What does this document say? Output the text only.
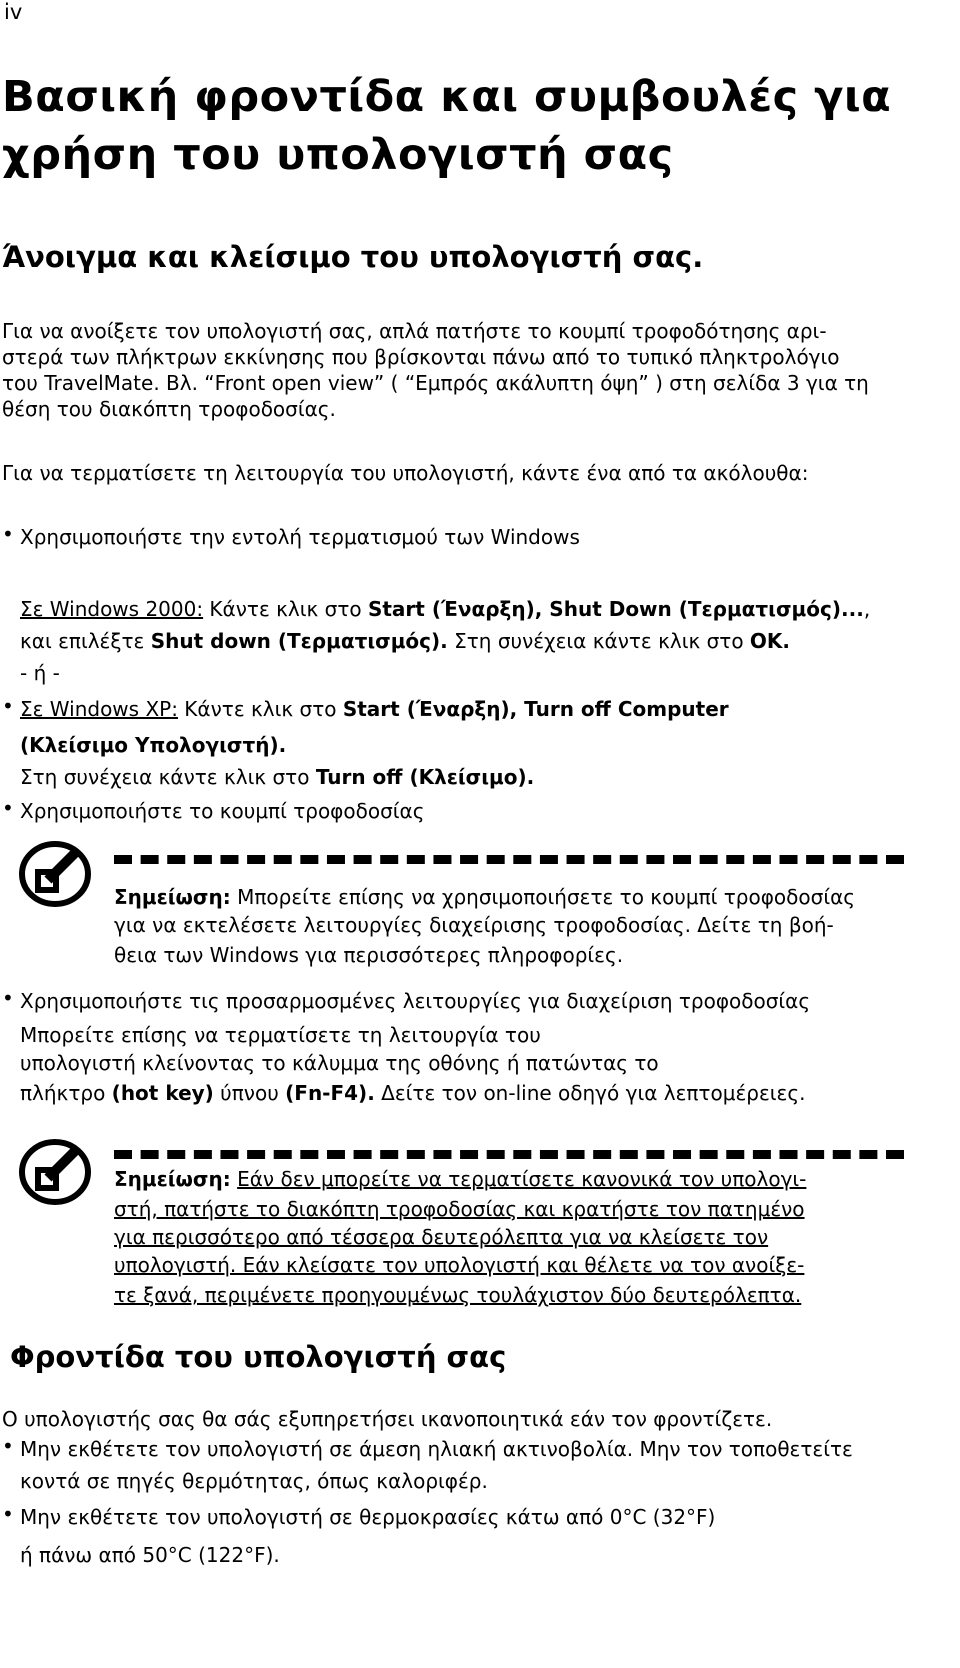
iv
Βασική φροντίδα και συμβουλές για
χρήση του υπολογιστή σας
Άνοιγμα και κλείσιμο του υπολογιστή σας.
Για να ανοίξετε τον υπολογιστή σας, απλά πατήστε το κουμπί τροφοδότησης αρι-
στερά των πλήκτρων εκκίνησης που βρίσκονται πάνω από το τυπικό πληκτρολόγιο
του TravelMate. Βλ. “Front open view” ( “Εμπρός ακάλυπτη όψη” ) στη σελίδα 3 για τη
θέση του διακόπτη τροφοδοσίας.
Για να τερματίσετε τη λειτουργία του υπολογιστή, κάντε ένα από τα ακόλουθα:
• Χρησιμοποιήστε την εντολή τερματισμού των Windows
Σε Windows 2000: Κάντε κλικ στο Start (Έναρξη), Shut Down (Τερματισμός)...,
και επιλέξτε Shut down (Τερματισμός). Στη συνέχεια κάντε κλικ στο OK.
- ή -
• Σε Windows XP: Κάντε κλικ στο Start (Έναρξη), Turn off Computer
(Κλείσιμο Υπολογιστή).
Στη συνέχεια κάντε κλικ στο Turn off (Κλείσιμο).
• Χρησιμοποιήστε το κουμπί τροφοδοσίας
Σημείωση: Μπορείτε επίσης να χρησιμοποιήσετε το κουμπί τροφοδοσίας
για να εκτελέσετε λειτουργίες διαχείρισης τροφοδοσίας. Δείτε τη βοή-
θεια των Windows για περισσότερες πληροφορίες.
• Χρησιμοποιήστε τις προσαρμοσμένες λειτουργίες για διαχείριση τροφοδοσίας
Μπορείτε επίσης να τερματίσετε τη λειτουργία του
υπολογιστή κλείνοντας το κάλυμμα της οθόνης ή πατώντας το
πλήκτρο (hot key) ύπνου (Fn-F4). Δείτε τον on-line οδηγό για λεπτομέρειες.
Σημείωση: Εάν δεν μπορείτε να τερματίσετε κανονικά τον υπολογι-
στή, πατήστε το διακόπτη τροφοδοσίας και κρατήστε τον πατημένο
για περισσότερο από τέσσερα δευτερόλεπτα για να κλείσετε τον
υπολογιστή. Εάν κλείσατε τον υπολογιστή και θέλετε να τον ανοίξε-
τε ξανά, περιμένετε προηγουμένως τουλάχιστον δύο δευτερόλεπτα.
Φροντίδα του υπολογιστή σας
Ο υπολογιστής σας θα σάς εξυπηρετήσει ικανοποιητικά εάν τον φροντίζετε.
• Μην εκθέτετε τον υπολογιστή σε άμεση ηλιακή ακτινοβολία. Μην τον τοποθετείτε
κοντά σε πηγές θερμότητας, όπως καλοριφέρ.
• Μην εκθέτετε τον υπολογιστή σε θερμοκρασίες κάτω από 0°C (32°F)
ή πάνω από 50°C (122°F).
